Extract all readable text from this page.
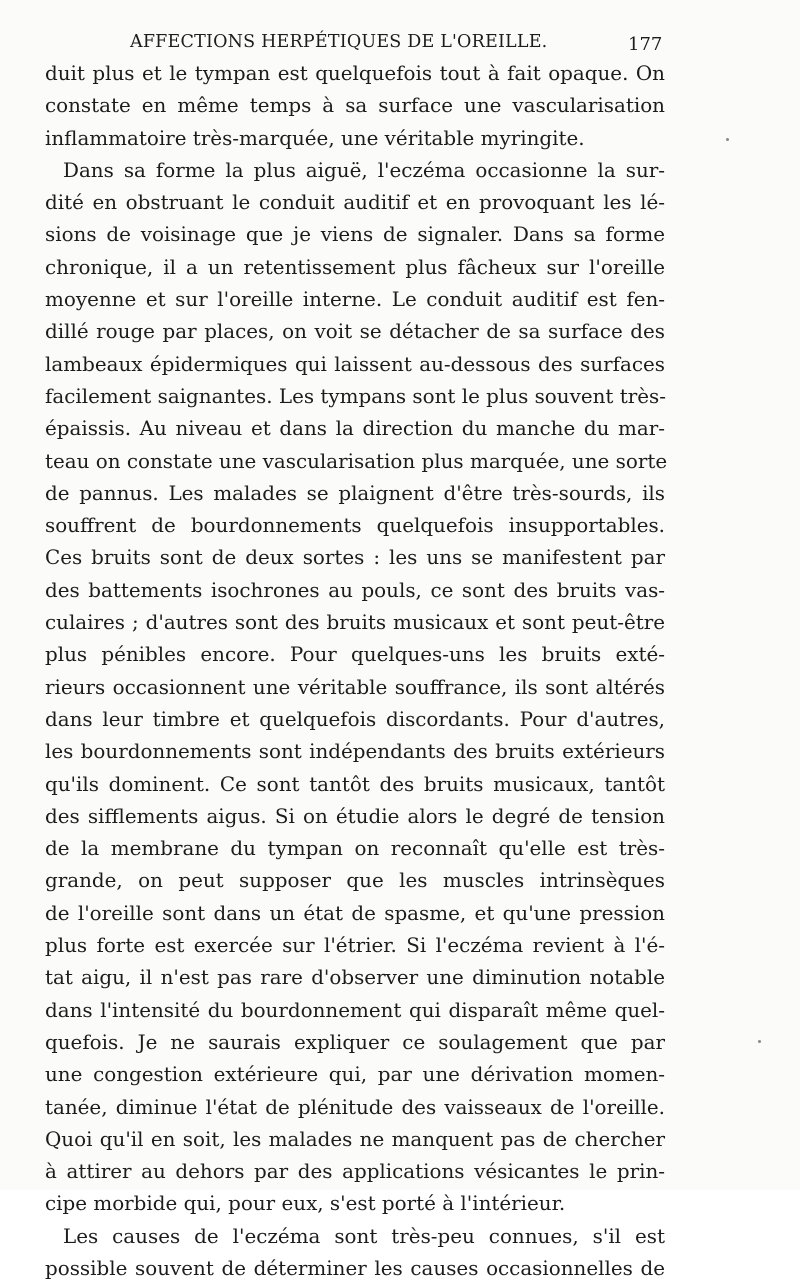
AFFECTIONS HERPÉTIQUES DE L'OREILLE.	177
duit plus et le tympan est quelquefois tout à fait opaque. On
constate en même temps à sa surface une vascularisation
inflammatoire très-marquée, une véritable myringite.
Dans sa forme la plus aiguë, l'eczéma occasionne la sur-
dité en obstruant le conduit auditif et en provoquant les lé-
sions de voisinage que je viens de signaler. Dans sa forme
chronique, il a un retentissement plus fâcheux sur l'oreille
moyenne et sur l'oreille interne. Le conduit auditif est fen-
dillé rouge par places, on voit se détacher de sa surface des
lambeaux épidermiques qui laissent au-dessous des surfaces
facilement saignantes. Les tympans sont le plus souvent très-
épaissis. Au niveau et dans la direction du manche du mar-
teau on constate une vascularisation plus marquée, une sorte
de pannus. Les malades se plaignent d'être très-sourds, ils
souffrent de bourdonnements quelquefois insupportables.
Ces bruits sont de deux sortes : les uns se manifestent par
des battements isochrones au pouls, ce sont des bruits vas-
culaires ; d'autres sont des bruits musicaux et sont peut-être
plus pénibles encore. Pour quelques-uns les bruits exté-
rieurs occasionnent une véritable souffrance, ils sont altérés
dans leur timbre et quelquefois discordants. Pour d'autres,
les bourdonnements sont indépendants des bruits extérieurs
qu'ils dominent. Ce sont tantôt des bruits musicaux, tantôt
des sifflements aigus. Si on étudie alors le degré de tension
de la membrane du tympan on reconnaît qu'elle est très-
grande, on peut supposer que les muscles intrinsèques
de l'oreille sont dans un état de spasme, et qu'une pression
plus forte est exercée sur l'étrier. Si l'eczéma revient à l'é-
tat aigu, il n'est pas rare d'observer une diminution notable
dans l'intensité du bourdonnement qui disparaît même quel-
quefois. Je ne saurais expliquer ce soulagement que par
une congestion extérieure qui, par une dérivation momen-
tanée, diminue l'état de plénitude des vaisseaux de l'oreille.
Quoi qu'il en soit, les malades ne manquent pas de chercher
à attirer au dehors par des applications vésicantes le prin-
cipe morbide qui, pour eux, s'est porté à l'intérieur.
Les causes de l'eczéma sont très-peu connues, s'il est
possible souvent de déterminer les causes occasionnelles de
